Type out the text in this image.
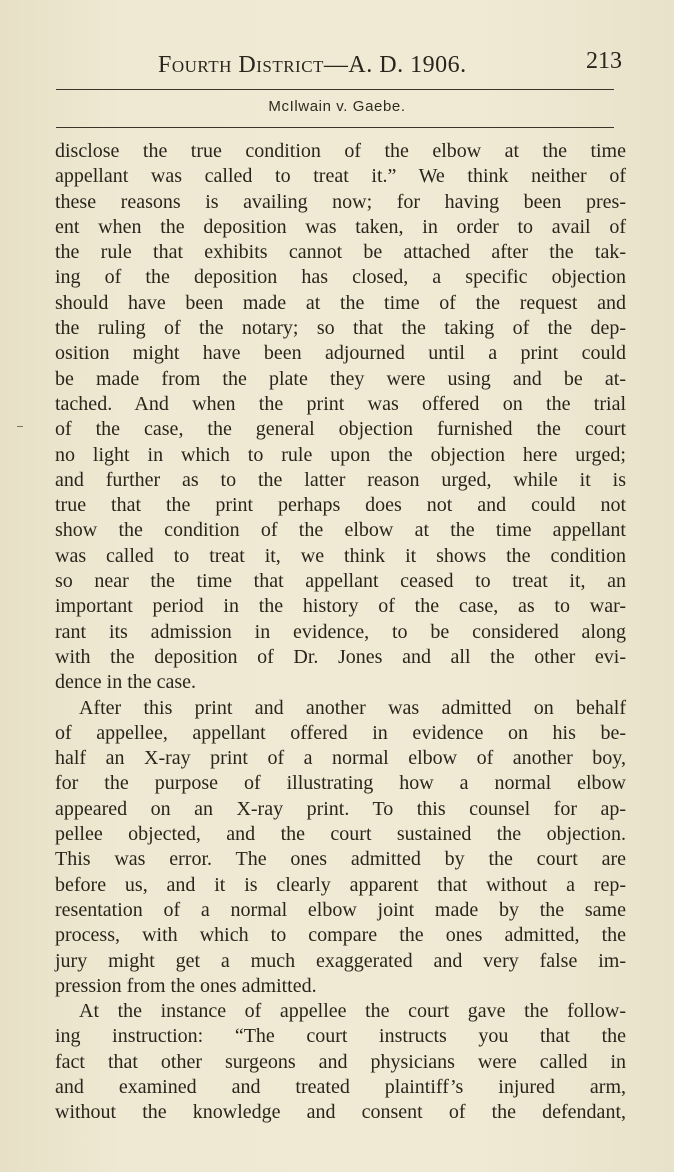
Fourth District—A. D. 1906.	213
McIlwain v. Gaebe.
disclose the true condition of the elbow at the time
appellant was called to treat it.” We think neither of
these reasons is availing now; for having been pres-
ent when the deposition was taken, in order to avail of
the rule that exhibits cannot be attached after the tak-
ing of the deposition has closed, a specific objection
should have been made at the time of the request and
the ruling of the notary; so that the taking of the dep-
osition might have been adjourned until a print could
be made from the plate they were using and be at-
tached. And when the print was offered on the trial
of the case, the general objection furnished the court
no light in which to rule upon the objection here urged;
and further as to the latter reason urged, while it is
true that the print perhaps does not and could not
show the condition of the elbow at the time appellant
was called to treat it, we think it shows the condition
so near the time that appellant ceased to treat it, an
important period in the history of the case, as to war-
rant its admission in evidence, to be considered along
with the deposition of Dr. Jones and all the other evi-
dence in the case.
After this print and another was admitted on behalf
of appellee, appellant offered in evidence on his be-
half an X-ray print of a normal elbow of another boy,
for the purpose of illustrating how a normal elbow
appeared on an X-ray print. To this counsel for ap-
pellee objected, and the court sustained the objection.
This was error. The ones admitted by the court are
before us, and it is clearly apparent that without a rep-
resentation of a normal elbow joint made by the same
process, with which to compare the ones admitted, the
jury might get a much exaggerated and very false im-
pression from the ones admitted.
At the instance of appellee the court gave the follow-
ing instruction: “The court instructs you that the
fact that other surgeons and physicians were called in
and examined and treated plaintiff’s injured arm,
without the knowledge and consent of the defendant,
